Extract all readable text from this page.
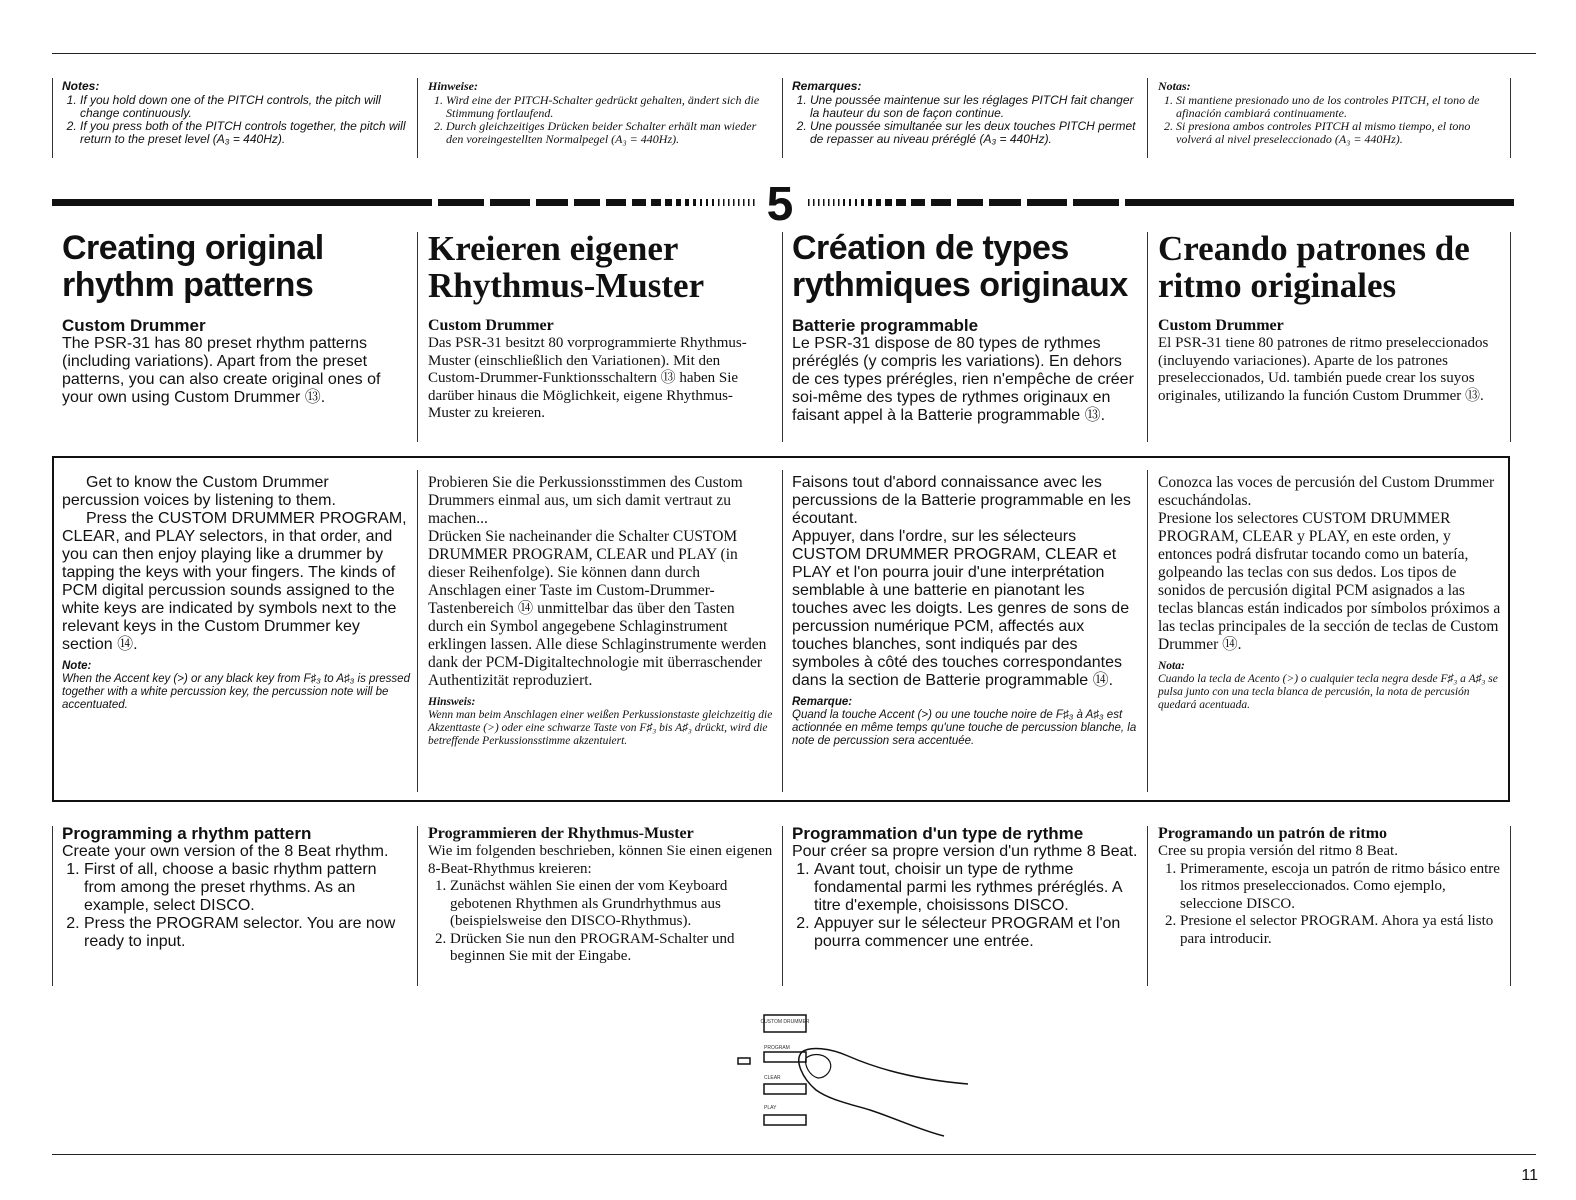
Notes:
1. If you hold down one of the PITCH controls, the pitch will change continuously.
2. If you press both of the PITCH controls together, the pitch will return to the preset level (A₃ = 440Hz).
Hinweise:
1. Wird eine der PITCH-Schalter gedrückt gehalten, ändert sich die Stimmung fortlaufend.
2. Durch gleichzeitiges Drücken beider Schalter erhält man wieder den voreingestellten Normalpegel (A₃ = 440Hz).
Remarques:
1. Une poussée maintenue sur les réglages PITCH fait changer la hauteur du son de façon continue.
2. Une poussée simultanée sur les deux touches PITCH permet de repasser au niveau préréglé (A₃ = 440Hz).
Notas:
1. Si mantiene presionado uno de los controles PITCH, el tono de afinación cambiará continuamente.
2. Si presiona ambos controles PITCH al mismo tiempo, el tono volverá al nivel preseleccionado (A₃ = 440Hz).
5
Creating original
rhythm patterns
Custom Drummer

The PSR-31 has 80 preset rhythm patterns (including variations). Apart from the preset patterns, you can also create original ones of your own using Custom Drummer ⑬.

Kreieren eigener
Rhythmus-Muster
Custom Drummer

Das PSR-31 besitzt 80 vorprogrammierte Rhythmus-Muster (einschließlich den Variationen). Mit den Custom-Drummer-Funktionsschaltern ⑬ haben Sie darüber hinaus die Möglichkeit, eigene Rhythmus-Muster zu kreieren.

Création de types
rythmiques originaux
Batterie programmable

Le PSR-31 dispose de 80 types de rythmes préréglés (y compris les variations). En dehors de ces types prérégles, rien n'empêche de créer soi-même des types de rythmes originaux en faisant appel à la Batterie programmable ⑬.

Creando patrones de
ritmo originales
Custom Drummer

El PSR-31 tiene 80 patrones de ritmo preseleccionados (incluyendo variaciones). Aparte de los patrones preseleccionados, Ud. también puede crear los suyos originales, utilizando la función Custom Drummer ⑬.

Get to know the Custom Drummer percussion voices by listening to them.

Press the CUSTOM DRUMMER PROGRAM, CLEAR, and PLAY selectors, in that order, and you can then enjoy playing like a drummer by tapping the keys with your fingers. The kinds of PCM digital percussion sounds assigned to the white keys are indicated by symbols next to the relevant keys in the Custom Drummer key section ⑭.

Note:
When the Accent key (>) or any black key from F♯₃ to A♯₃ is pressed together with a white percussion key, the percussion note will be accentuated.

Probieren Sie die Perkussionsstimmen des Custom Drummers einmal aus, um sich damit vertraut zu machen...

Drücken Sie nacheinander die Schalter CUSTOM DRUMMER PROGRAM, CLEAR und PLAY (in dieser Reihenfolge). Sie können dann durch Anschlagen einer Taste im Custom-Drummer-Tastenbereich ⑭ unmittelbar das über den Tasten durch ein Symbol angegebene Schlaginstrument erklingen lassen. Alle diese Schlaginstrumente werden dank der PCM-Digitaltechnologie mit überraschender Authentizität reproduziert.

Hinsweis:
Wenn man beim Anschlagen einer weißen Perkussionstaste gleichzeitig die Akzenttaste (>) oder eine schwarze Taste von F♯₃ bis A♯₃ drückt, wird die betreffende Perkussionsstimme akzentuiert.

Faisons tout d'abord connaissance avec les percussions de la Batterie programmable en les écoutant.

Appuyer, dans l'ordre, sur les sélecteurs CUSTOM DRUMMER PROGRAM, CLEAR et PLAY et l'on pourra jouir d'une interprétation semblable à une batterie en pianotant les touches avec les doigts. Les genres de sons de percussion numérique PCM, affectés aux touches blanches, sont indiqués par des symboles à côté des touches correspondantes dans la section de Batterie programmable ⑭.

Remarque:
Quand la touche Accent (>) ou une touche noire de F♯₃ à A♯₃ est actionnée en même temps qu'une touche de percussion blanche, la note de percussion sera accentuée.

Conozca las voces de percusión del Custom Drummer escuchándolas.

Presione los selectores CUSTOM DRUMMER PROGRAM, CLEAR y PLAY, en este orden, y entonces podrá disfrutar tocando como un batería, golpeando las teclas con sus dedos. Los tipos de sonidos de percusión digital PCM asignados a las teclas blancas están indicados por símbolos próximos a las teclas principales de la sección de teclas de Custom Drummer ⑭.

Nota:
Cuando la tecla de Acento (>) o cualquier tecla negra desde F♯₃ a A♯₃ se pulsa junto con una tecla blanca de percusión, la nota de percusión quedará acentuada.
Programming a rhythm pattern

Create your own version of the 8 Beat rhythm.

1. First of all, choose a basic rhythm pattern from among the preset rhythms. As an example, select DISCO.
2. Press the PROGRAM selector. You are now ready to input.
Programmieren der Rhythmus-Muster

Wie im folgenden beschrieben, können Sie einen eigenen 8-Beat-Rhythmus kreieren:

1. Zunächst wählen Sie einen der vom Keyboard gebotenen Rhythmen als Grundrhythmus aus (beispielsweise den DISCO-Rhythmus).
2. Drücken Sie nun den PROGRAM-Schalter und beginnen Sie mit der Eingabe.
Programmation d'un type de rythme

Pour créer sa propre version d'un rythme 8 Beat.

1. Avant tout, choisir un type de rythme fondamental parmi les rythmes préréglés. A titre d'exemple, choisissons DISCO.
2. Appuyer sur le sélecteur PROGRAM et l'on pourra commencer une entrée.
Programando un patrón de ritmo

Cree su propia versión del ritmo 8 Beat.

1. Primeramente, escoja un patrón de ritmo básico entre los ritmos preseleccionados. Como ejemplo, seleccione DISCO.
2. Presione el selector PROGRAM. Ahora ya está listo para introducir.
CUSTOM DRUMMER
PROGRAM
CLEAR
PLAY
11
